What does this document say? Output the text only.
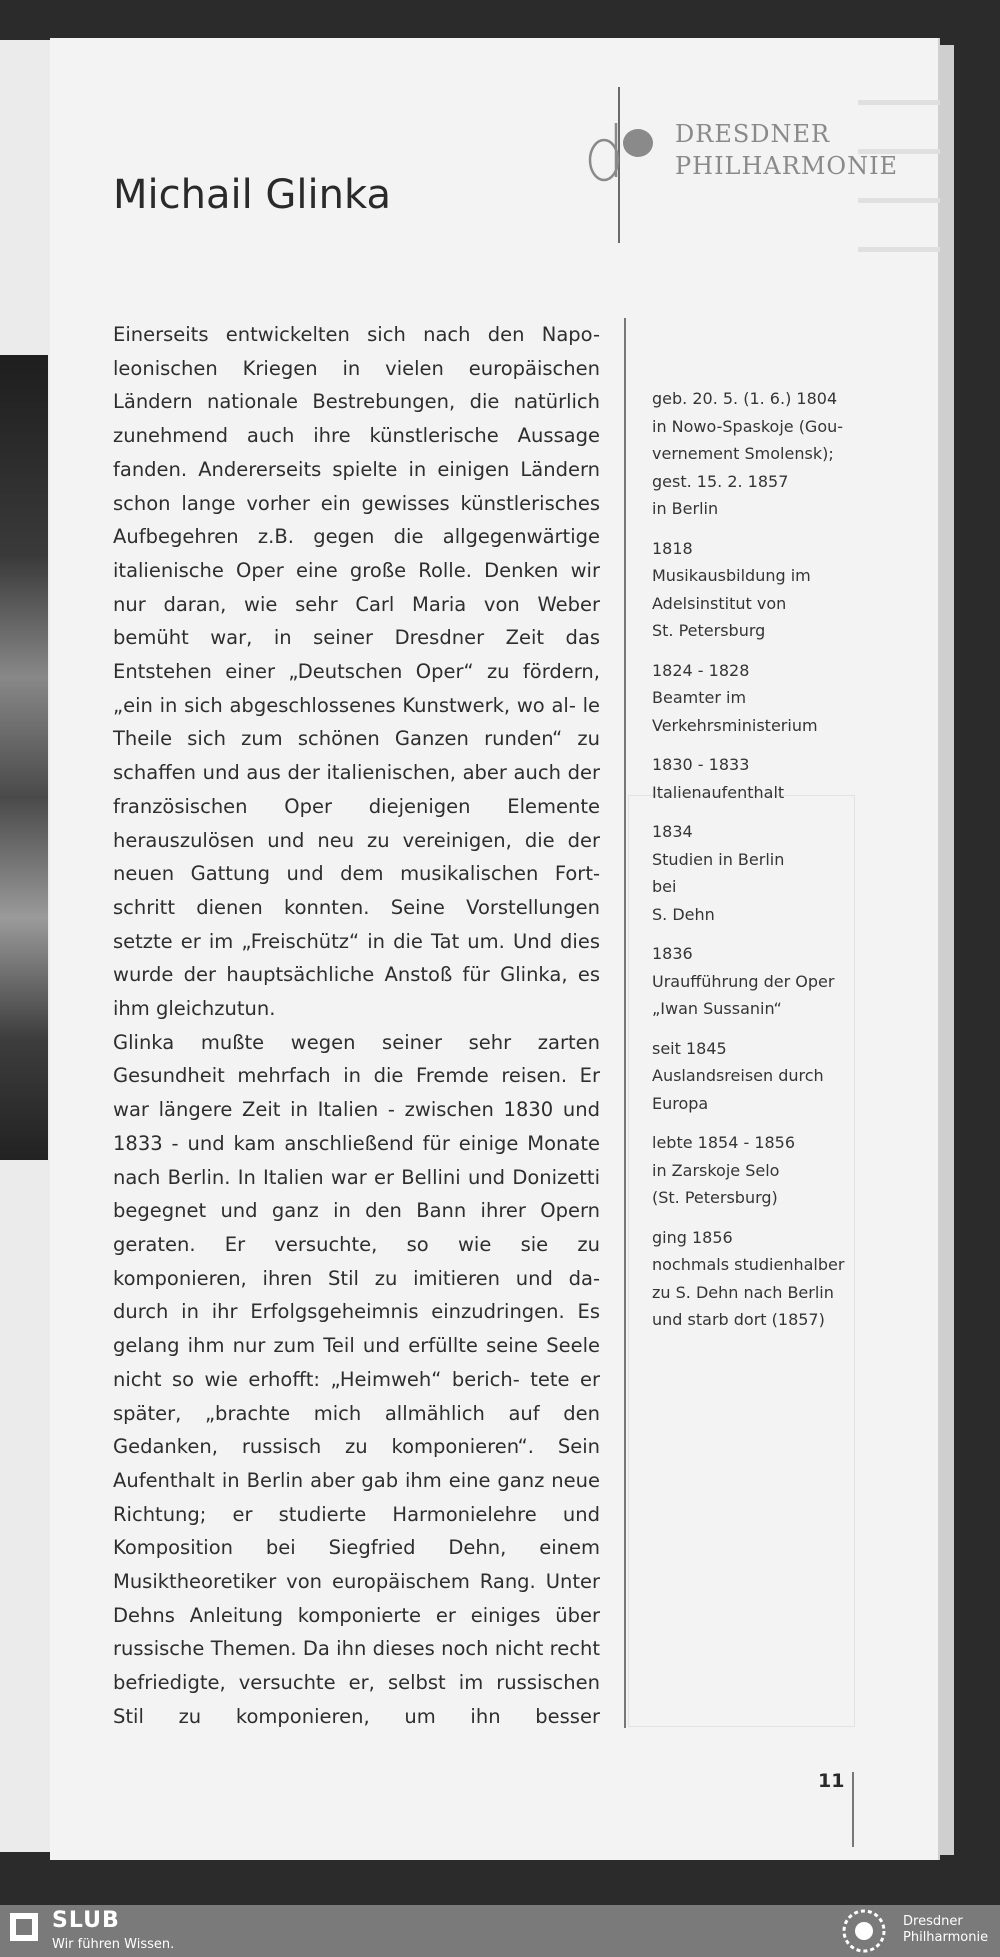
Michail Glinka
DRESDNER
PHILHARMONIE

Einerseits entwickelten sich nach den Napo- leonischen Kriegen in vielen europäischen Ländern nationale Bestrebungen, die natürlich zunehmend auch ihre künstlerische Aussage fanden. Andererseits spielte in einigen Ländern schon lange vorher ein gewisses künstlerisches Aufbegehren z.B. gegen die allgegenwärtige italienische Oper eine große Rolle. Denken wir nur daran, wie sehr Carl Maria von Weber bemüht war, in seiner Dresdner Zeit das Entstehen einer „Deutschen Oper“ zu fördern, „ein in sich abgeschlossenes Kunstwerk, wo al- le Theile sich zum schönen Ganzen runden“ zu schaffen und aus der italienischen, aber auch der französischen Oper diejenigen Elemente herauszulösen und neu zu vereinigen, die der neuen Gattung und dem musikalischen Fort- schritt dienen konnten. Seine Vorstellungen setzte er im „Freischütz“ in die Tat um. Und dies wurde der hauptsächliche Anstoß für Glinka, es ihm gleichzutun.

Glinka mußte wegen seiner sehr zarten Gesundheit mehrfach in die Fremde reisen. Er war längere Zeit in Italien - zwischen 1830 und 1833 - und kam anschließend für einige Monate nach Berlin. In Italien war er Bellini und Donizetti begegnet und ganz in den Bann ihrer Opern geraten. Er versuchte, so wie sie zu komponieren, ihren Stil zu imitieren und da- durch in ihr Erfolgsgeheimnis einzudringen. Es gelang ihm nur zum Teil und erfüllte seine Seele nicht so wie erhofft: „Heimweh“ berich- tete er später, „brachte mich allmählich auf den Gedanken, russisch zu komponieren“. Sein Aufenthalt in Berlin aber gab ihm eine ganz neue Richtung; er studierte Harmonielehre und Komposition bei Siegfried Dehn, einem Musiktheoretiker von europäischem Rang. Unter Dehns Anleitung komponierte er einiges über russische Themen. Da ihn dieses noch nicht recht befriedigte, versuchte er, selbst im russischen Stil zu komponieren, um ihn besser

geb. 20. 5. (1. 6.) 1804
in Nowo-Spaskoje (Gou-
vernement Smolensk);
gest. 15. 2. 1857
in Berlin
1818
Musikausbildung im
Adelsinstitut von
St. Petersburg
1824 - 1828
Beamter im
Verkehrsministerium
1830 - 1833
Italienaufenthalt
1834
Studien in Berlin
bei
S. Dehn
1836
Uraufführung der Oper
„Iwan Sussanin“
seit 1845
Auslandsreisen durch
Europa
lebte 1854 - 1856
in Zarskoje Selo
(St. Petersburg)
ging 1856
nochmals studienhalber
zu S. Dehn nach Berlin
und starb dort (1857)
11
SLUB
Wir führen Wissen.
Dresdner
Philharmonie
